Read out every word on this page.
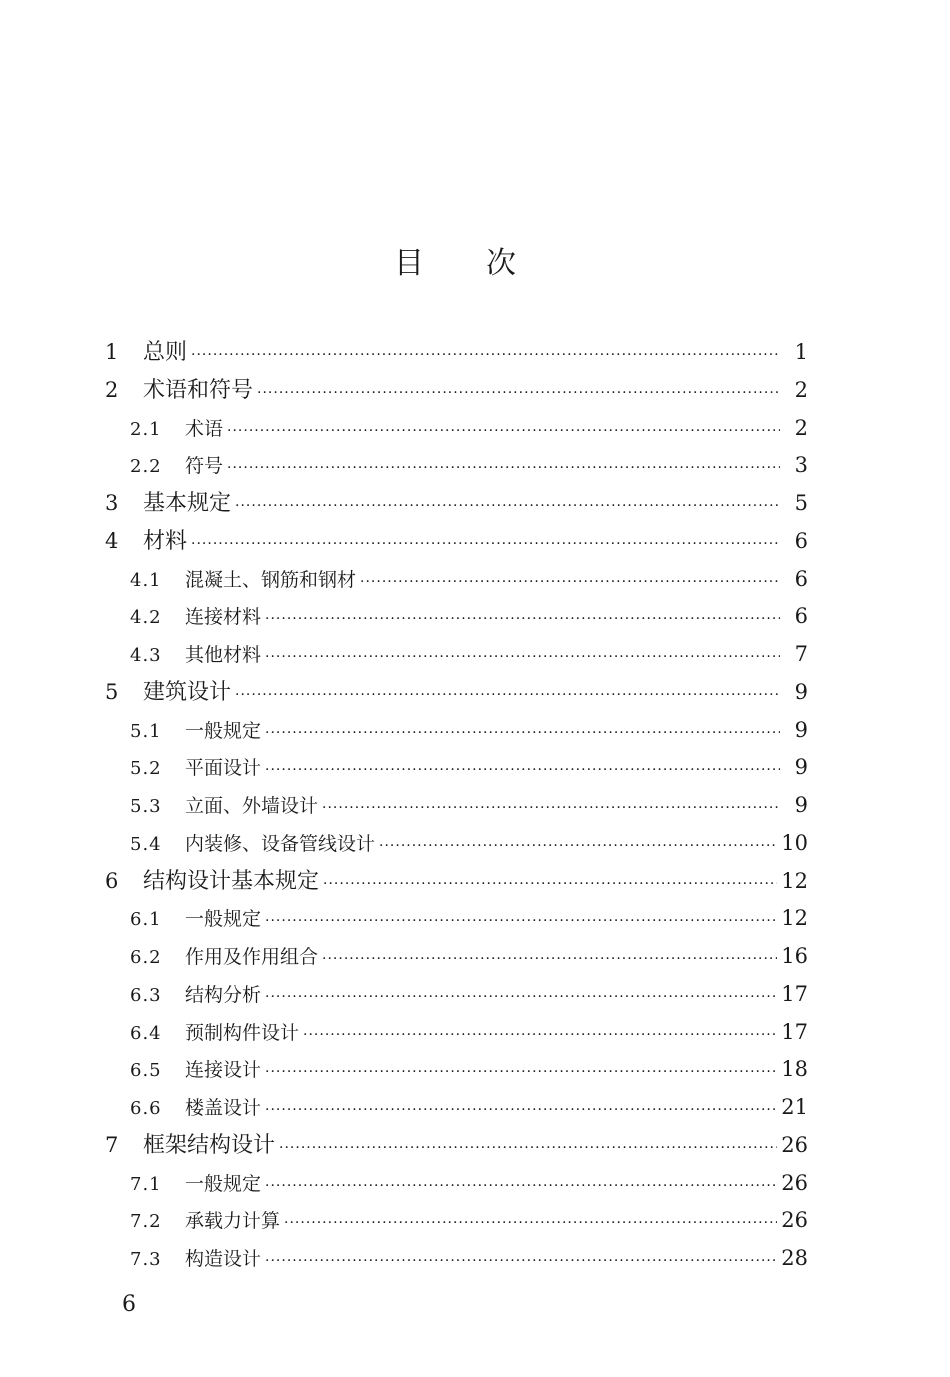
目次
1	总则 ·····	1
2	术语和符号 ·····	2
2.1	术语 ·····	2
2.2	符号 ·····	3
3	基本规定 ·····	5
4	材料 ·····	6
4.1	混凝土、钢筋和钢材 ·····	6
4.2	连接材料 ·····	6
4.3	其他材料 ·····	7
5	建筑设计 ·····	9
5.1	一般规定 ·····	9
5.2	平面设计 ·····	9
5.3	立面、外墙设计 ·····	9
5.4	内装修、设备管线设计 ·····	10
6	结构设计基本规定 ·····	12
6.1	一般规定 ·····	12
6.2	作用及作用组合 ·····	16
6.3	结构分析 ·····	17
6.4	预制构件设计 ·····	17
6.5	连接设计 ·····	18
6.6	楼盖设计 ·····	21
7	框架结构设计 ·····	26
7.1	一般规定 ·····	26
7.2	承载力计算 ·····	26
7.3	构造设计 ·····	28
6
